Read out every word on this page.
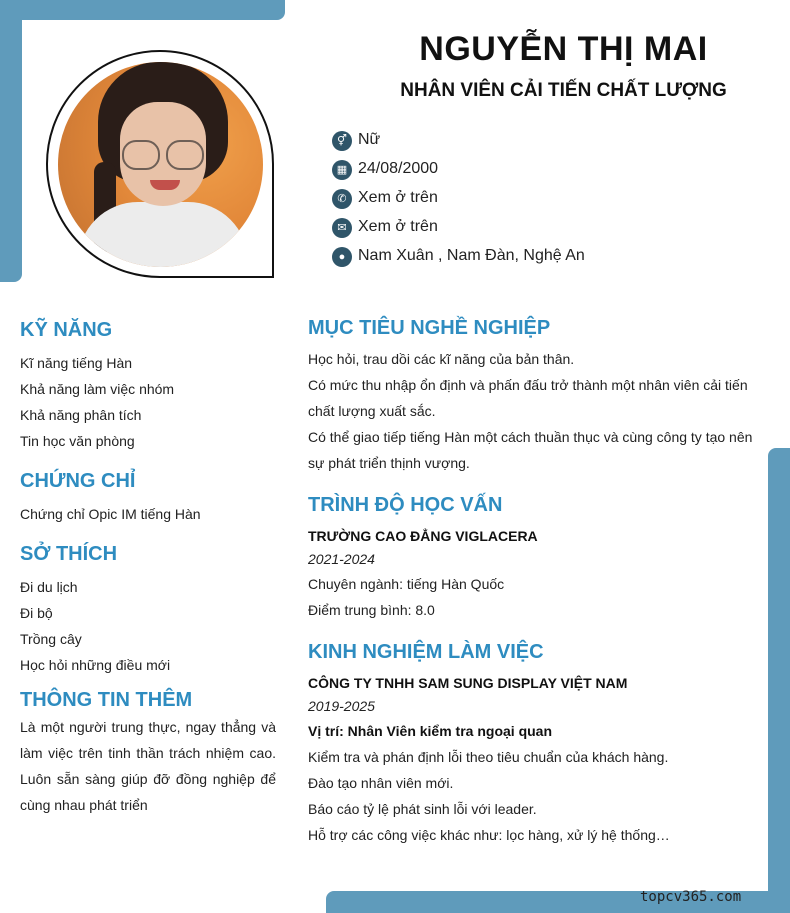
NGUYỄN THỊ MAI
NHÂN VIÊN CẢI TIẾN CHẤT LƯỢNG
⚥ Nữ
▦ 24/08/2000
✆ Xem ở trên
✉ Xem ở trên
● Nam Xuân , Nam Đàn, Nghệ An
KỸ NĂNG
Kĩ năng tiếng Hàn
Khả năng làm việc nhóm
Khả năng phân tích
Tin học văn phòng
CHỨNG CHỈ
Chứng chỉ Opic IM tiếng Hàn
SỞ THÍCH
Đi du lịch
Đi bộ
Trồng cây
Học hỏi những điều mới
THÔNG TIN THÊM
Là một người trung thực, ngay thẳng và làm việc trên tinh thần trách nhiệm cao. Luôn sẵn sàng giúp đỡ đồng nghiệp để cùng nhau phát triển
MỤC TIÊU NGHỀ NGHIỆP
Học hỏi, trau dồi các kĩ năng của bản thân.
Có mức thu nhập ổn định và phấn đấu trở thành một nhân viên cải tiến
chất lượng xuất sắc.
Có thể giao tiếp tiếng Hàn một cách thuần thục và cùng công ty tạo nên
sự phát triển thịnh vượng.
TRÌNH ĐỘ HỌC VẤN
TRƯỜNG CAO ĐẲNG VIGLACERA
2021-2024
Chuyên ngành: tiếng Hàn Quốc
Điểm trung bình: 8.0
KINH NGHIỆM LÀM VIỆC
CÔNG TY TNHH SAM SUNG DISPLAY VIỆT NAM
2019-2025
Vị trí: Nhân Viên kiểm tra ngoại quan
Kiểm tra và phán định lỗi theo tiêu chuẩn của khách hàng.
Đào tạo nhân viên mới.
Báo cáo tỷ lệ phát sinh lỗi với leader.
Hỗ trợ các công việc khác như: lọc hàng, xử lý hệ thống…
topcv365.com
